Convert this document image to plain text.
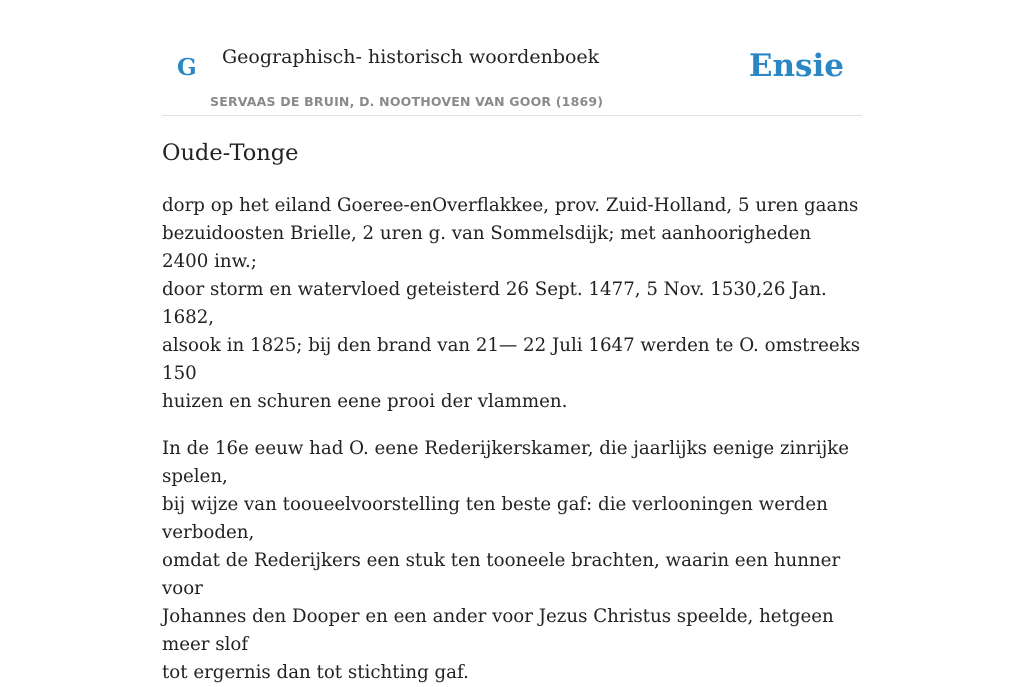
G Geographisch- historisch woordenboek
SERVAAS DE BRUIN, D. NOOTHOVEN VAN GOOR (1869)
Ensie
Oude-Tonge

dorp op het eiland Goeree-enOverflakkee, prov. Zuid-Holland, 5 uren gaans
bezuidoosten Brielle, 2 uren g. van Sommelsdijk; met aanhoorigheden 2400 inw.;
door storm en watervloed geteisterd 26 Sept. 1477, 5 Nov. 1530,26 Jan. 1682,
alsook in 1825; bij den brand van 21— 22 Juli 1647 werden te O. omstreeks 150
huizen en schuren eene prooi der vlammen.

In de 16e eeuw had O. eene Rederijkerskamer, die jaarlijks eenige zinrijke spelen,
bij wijze van tooueelvoorstelling ten beste gaf: die verlooningen werden verboden,
omdat de Rederijkers een stuk ten tooneele brachten, waarin een hunner voor
Johannes den Dooper en een ander voor Jezus Christus speelde, hetgeen meer slof
tot ergernis dan tot stichting gaf.
